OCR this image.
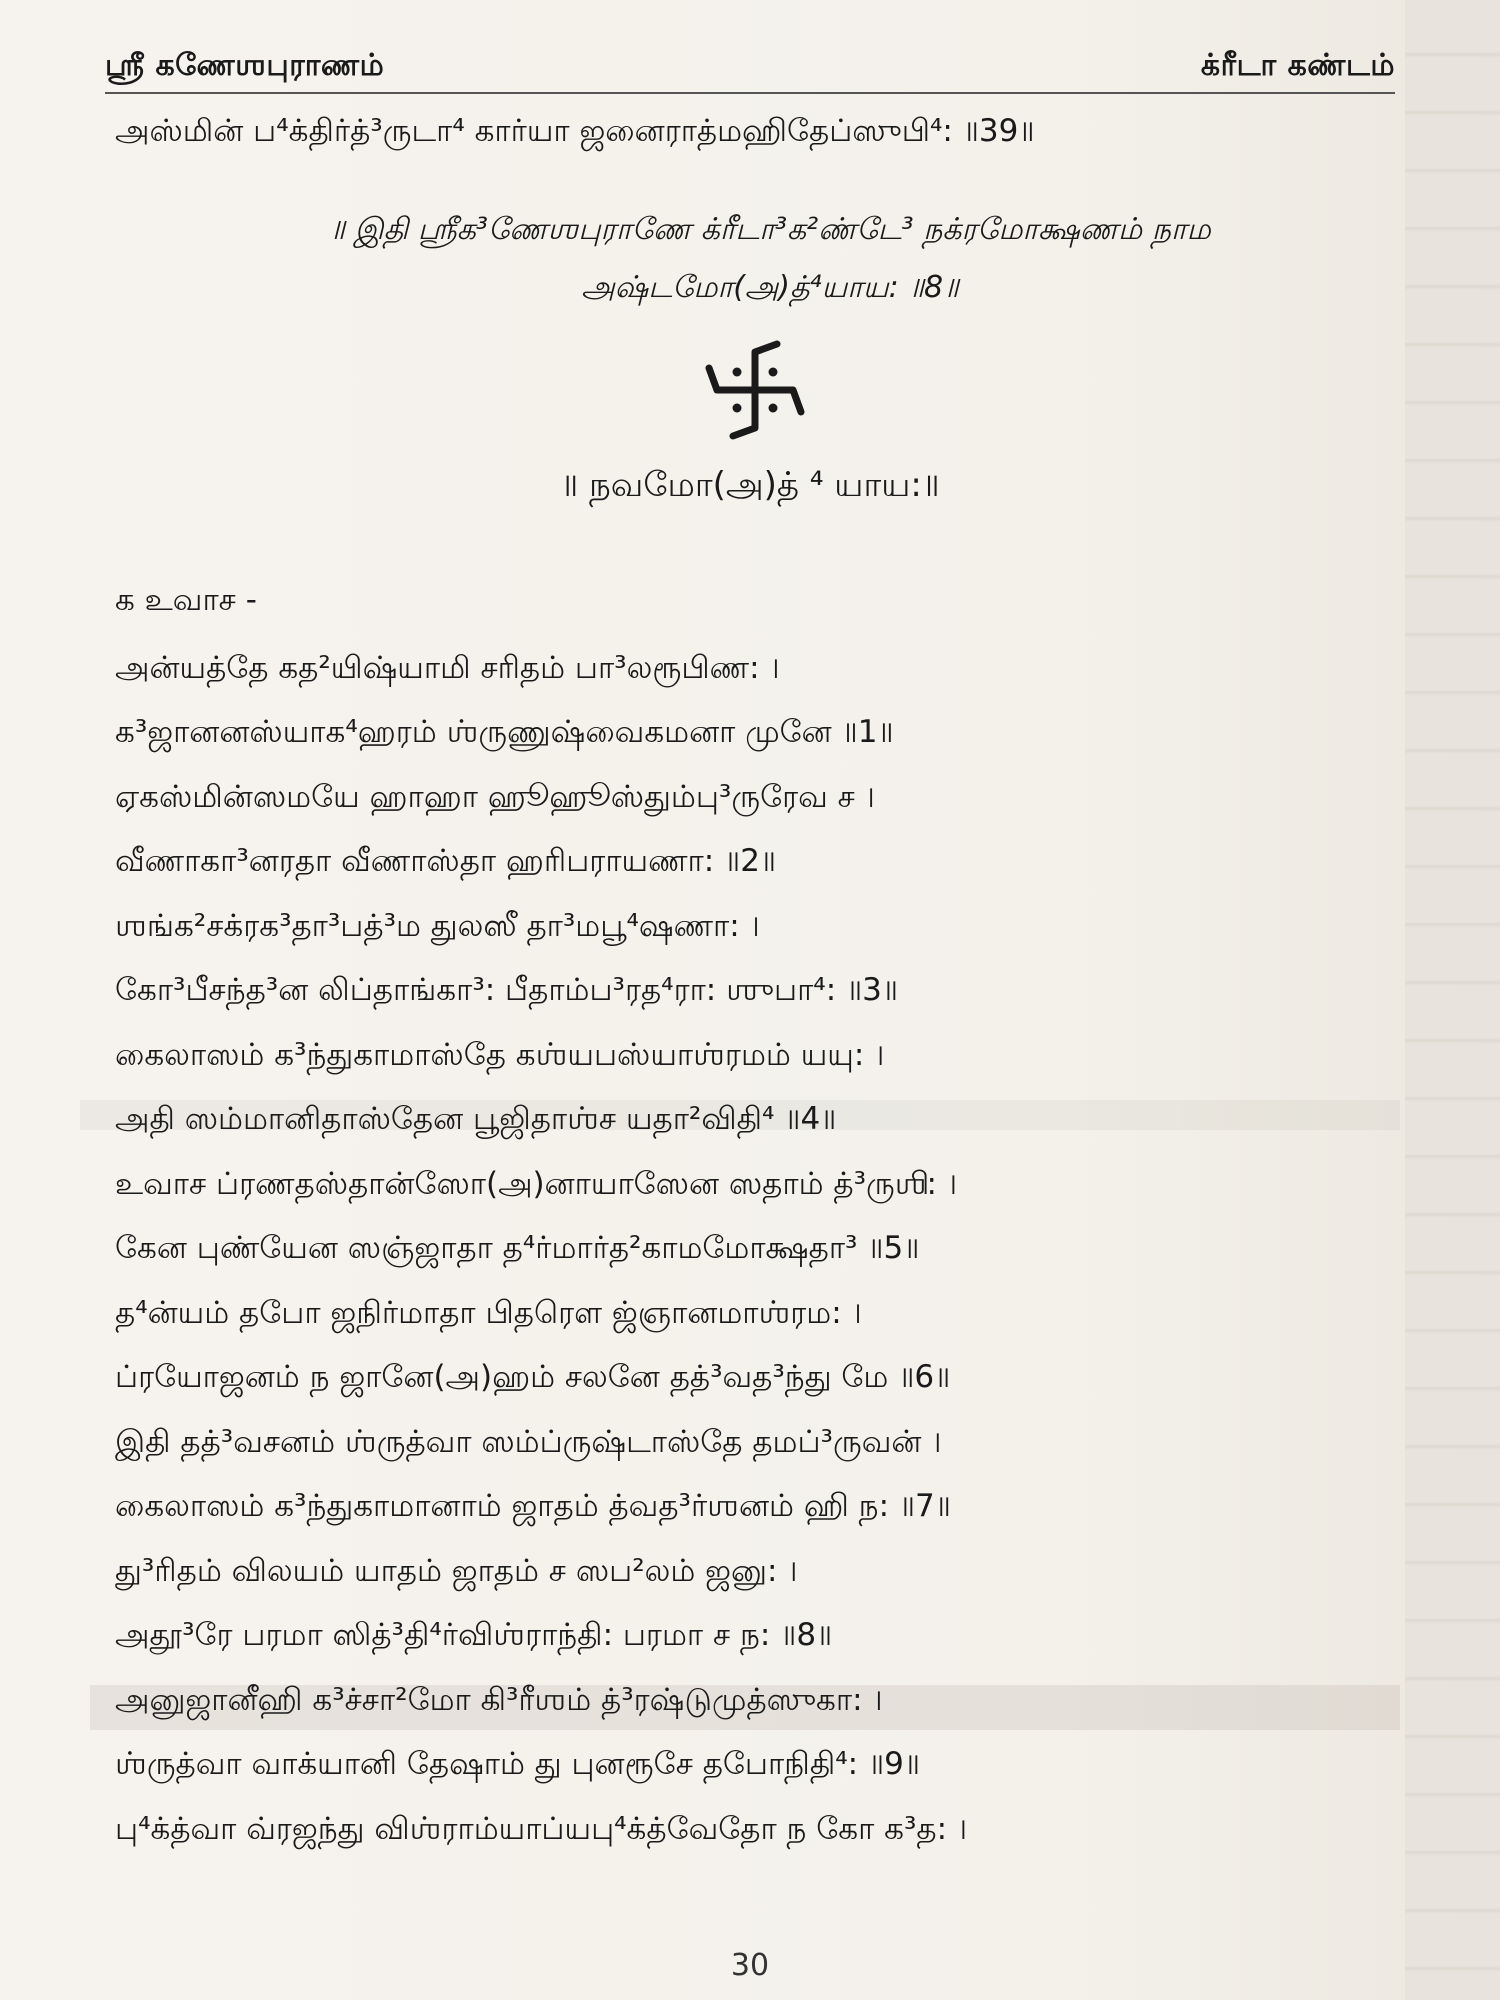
ஸ்ரீ கணேஶபுராணம்	க்ரீடா கண்டம்
அஸ்மின் ப⁴க்திர்த்³ருடா⁴ கார்யா ஜனைராத்மஹிதேப்ஸுபி⁴: ॥39॥
॥ இதி ஸ்ரீக³ணேஶபுராணே க்ரீடா³க²ண்டே³ நக்ரமோக்ஷணம் நாம
அஷ்டமோ(அ)த்⁴யாய: ॥8॥
॥ நவமோ(அ)த் ⁴ யாய:॥
க உவாச -
அன்யத்தே கத²யிஷ்யாமி சரிதம் பா³லரூபிண: ।
க³ஜானனஸ்யாக⁴ஹரம் ஶ்ருணுஷ்வைகமனா முனே ॥1॥
ஏகஸ்மின்ஸமயே ஹாஹா ஹூஹூஸ்தும்பு³ருரேவ ச ।
வீணாகா³னரதா வீணாஸ்தா ஹரிபராயணா: ॥2॥
ஶங்க²சக்ரக³தா³பத்³ம துலஸீ தா³மபூ⁴ஷணா: ।
கோ³பீசந்த³ன லிப்தாங்கா³: பீதாம்ப³ரத⁴ரா: ஶுபா⁴: ॥3॥
கைலாஸம் க³ந்துகாமாஸ்தே கஶ்யபஸ்யாஶ்ரமம் யயு: ।
அதி ஸம்மானிதாஸ்தேன பூஜிதாஶ்ச யதா²விதி⁴ ॥4॥
உவாச ப்ரணதஸ்தான்ஸோ(அ)னாயாஸேன ஸதாம் த்³ருஶி: ।
கேன புண்யேன ஸஞ்ஜாதா த⁴ர்மார்த²காமமோக்ஷதா³ ॥5॥
த⁴ன்யம் தபோ ஜநிர்மாதா பிதரௌ ஜ்ஞானமாஶ்ரம: ।
ப்ரயோஜனம் ந ஜானே(அ)ஹம் சலனே தத்³வத³ந்து மே ॥6॥
இதி தத்³வசனம் ஶ்ருத்வா ஸம்ப்ருஷ்டாஸ்தே தமப்³ருவன் ।
கைலாஸம் க³ந்துகாமானாம் ஜாதம் த்வத³ர்ஶனம் ஹி ந: ॥7॥
து³ரிதம் விலயம் யாதம் ஜாதம் ச ஸப²லம் ஜனு: ।
அதூ³ரே பரமா ஸித்³தி⁴ர்விஶ்ராந்தி: பரமா ச ந: ॥8॥
அனுஜானீஹி க³ச்சா²மோ கி³ரீஶம் த்³ரஷ்டுமுத்ஸுகா: ।
ஶ்ருத்வா வாக்யானி தேஷாம் து புனரூசே தபோநிதி⁴: ॥9॥
பு⁴க்த்வா வ்ரஜந்து விஶ்ராம்யாப்யபு⁴க்த்வேதோ ந கோ க³த: ।
30
